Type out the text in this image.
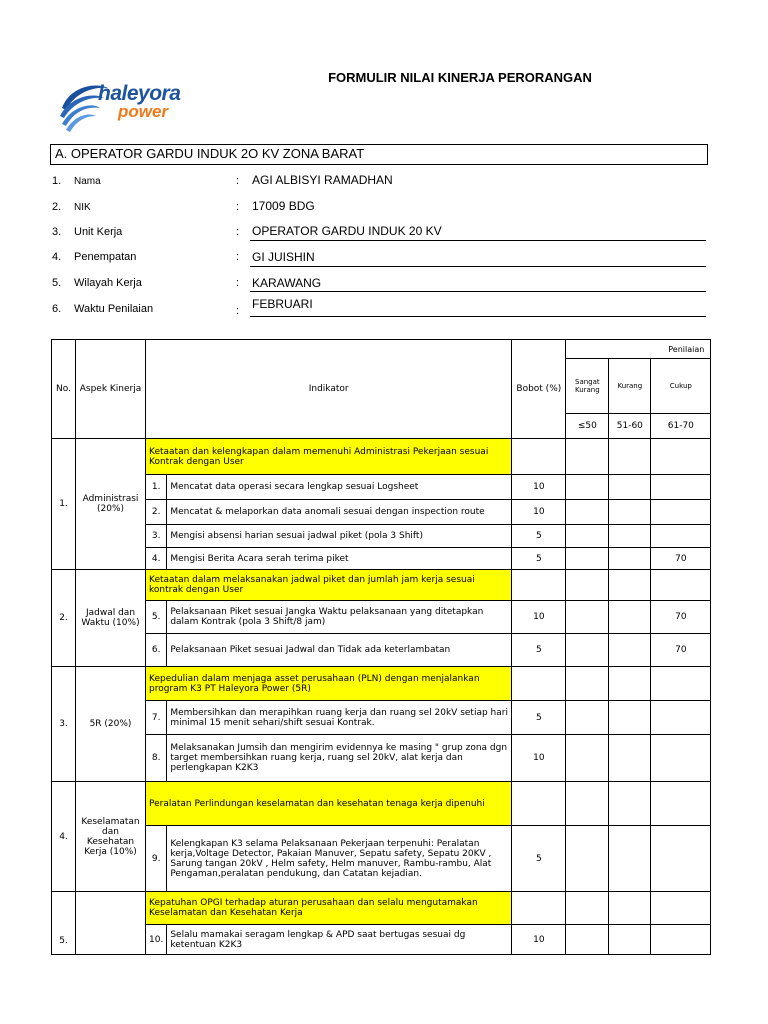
haleyora
power
FORMULIR NILAI KINERJA PERORANGAN
A. OPERATOR GARDU INDUK 2O KV ZONA BARAT
1.	Nama	: AGI ALBISYI RAMADHAN
2.	NIK	: 17009 BDG
3.	Unit Kerja	: OPERATOR GARDU INDUK 20 KV
4.	Penempatan	: GI JUISHIN
5.	Wilayah Kerja	: KARAWANG
6.	Waktu Penilaian	: FEBRUARI
No.	Aspek Kinerja	Indikator		Bobot (%)	Penilaian		
					Sangat Kurang	Kurang	Cukup
					≤50	51-60	61-70
1.	Administrasi (20%)	Ketaatan dan kelengkapan dalam memenuhi Administrasi Pekerjaan sesuai Kontrak dengan User					
		1.	Mencatat data operasi secara lengkap sesuai Logsheet	10			
		2.	Mencatat & melaporkan data anomali sesuai dengan inspection route	10			
		3.	Mengisi absensi harian sesuai jadwal piket (pola 3 Shift)	5			
		4.	Mengisi Berita Acara serah terima piket	5			70
2.	Jadwal dan Waktu (10%)	Ketaatan dalam melaksanakan jadwal piket dan jumlah jam kerja sesuai kontrak dengan User					
		5.	Pelaksanaan Piket sesuai Jangka Waktu pelaksanaan yang ditetapkan dalam Kontrak (pola 3 Shift/8 jam)	10			70
		6.	Pelaksanaan Piket sesuai Jadwal dan Tidak ada keterlambatan	5			70
3.	5R (20%)	Kepedulian dalam menjaga asset perusahaan (PLN) dengan menjalankan program K3 PT Haleyora Power (5R)					
		7.	Membersihkan dan merapihkan ruang kerja dan ruang sel 20kV setiap hari minimal 15 menit sehari/shift sesuai Kontrak.	5			
		8.	Melaksanakan Jumsih dan mengirim evidennya ke masing " grup zona dgn target membersihkan ruang kerja, ruang sel 20kV, alat kerja dan perlengkapan K2K3	10			
4.	Keselamatan dan Kesehatan Kerja (10%)	Peralatan Perlindungan keselamatan dan kesehatan tenaga kerja dipenuhi					
		9.	Kelengkapan K3 selama Pelaksanaan Pekerjaan terpenuhi: Peralatan kerja,Voltage Detector, Pakaian Manuver, Sepatu safety, Sepatu 20KV , Sarung tangan 20kV , Helm safety, Helm manuver, Rambu-rambu, Alat Pengaman,peralatan pendukung, dan Catatan kejadian.	5			
5.		Kepatuhan OPGI terhadap aturan perusahaan dan selalu mengutamakan Keselamatan dan Kesehatan Kerja					
		10.	Selalu mamakai seragam lengkap & APD saat bertugas sesuai dg ketentuan K2K3	10			
